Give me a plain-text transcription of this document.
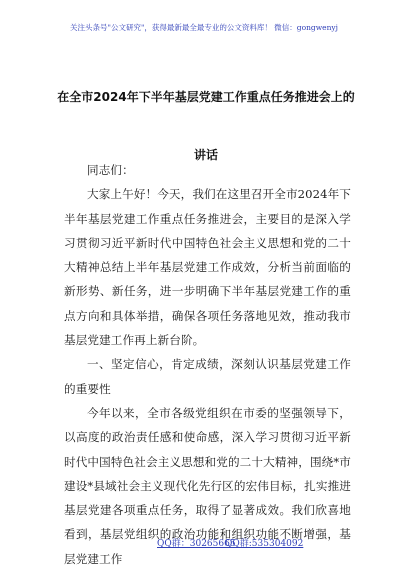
关注头条号"公文研究"，获得最新最全最专业的公文资料库！ 微信：gongwenyj
在全市2024年下半年基层党建工作重点任务推进会上的讲话

同志们：

大家上午好！今天，我们在这里召开全市2024年下半年基层党建工作重点任务推进会，主要目的是深入学习贯彻习近平新时代中国特色社会主义思想和党的二十大精神总结上半年基层党建工作成效，分析当前面临的新形势、新任务，进一步明确下半年基层党建工作的重点方向和具体举措，确保各项任务落地见效，推动我市基层党建工作再上新台阶。

一、坚定信心，肯定成绩，深刻认识基层党建工作的重要性

今年以来，全市各级党组织在市委的坚强领导下，以高度的政治责任感和使命感，深入学习贯彻习近平新时代中国特色社会主义思想和党的二十大精神，围绕*市建设*县域社会主义现代化先行区的宏伟目标，扎实推进基层党建各项重点任务，取得了显著成效。我们欣喜地看到，基层党组织的政治功能和组织功能不断增强，基层党建工作

QQ群：30265665
QQ群:535304092
